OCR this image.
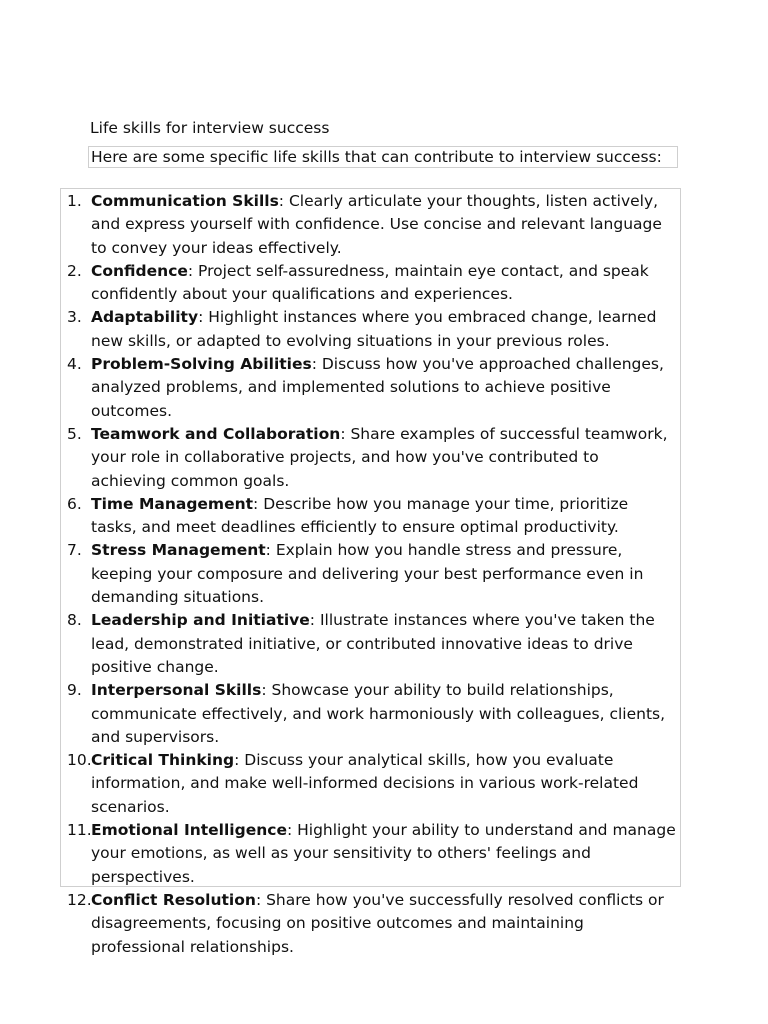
Life skills for interview success
Here are some specific life skills that can contribute to interview success:
1. Communication Skills: Clearly articulate your thoughts, listen actively, and express yourself with confidence. Use concise and relevant language to convey your ideas effectively.
2. Confidence: Project self-assuredness, maintain eye contact, and speak confidently about your qualifications and experiences.
3. Adaptability: Highlight instances where you embraced change, learned new skills, or adapted to evolving situations in your previous roles.
4. Problem-Solving Abilities: Discuss how you've approached challenges, analyzed problems, and implemented solutions to achieve positive outcomes.
5. Teamwork and Collaboration: Share examples of successful teamwork, your role in collaborative projects, and how you've contributed to achieving common goals.
6. Time Management: Describe how you manage your time, prioritize tasks, and meet deadlines efficiently to ensure optimal productivity.
7. Stress Management: Explain how you handle stress and pressure, keeping your composure and delivering your best performance even in demanding situations.
8. Leadership and Initiative: Illustrate instances where you've taken the lead, demonstrated initiative, or contributed innovative ideas to drive positive change.
9. Interpersonal Skills: Showcase your ability to build relationships, communicate effectively, and work harmoniously with colleagues, clients, and supervisors.
10. Critical Thinking: Discuss your analytical skills, how you evaluate information, and make well-informed decisions in various work-related scenarios.
11. Emotional Intelligence: Highlight your ability to understand and manage your emotions, as well as your sensitivity to others' feelings and perspectives.
12. Conflict Resolution: Share how you've successfully resolved conflicts or disagreements, focusing on positive outcomes and maintaining professional relationships.
